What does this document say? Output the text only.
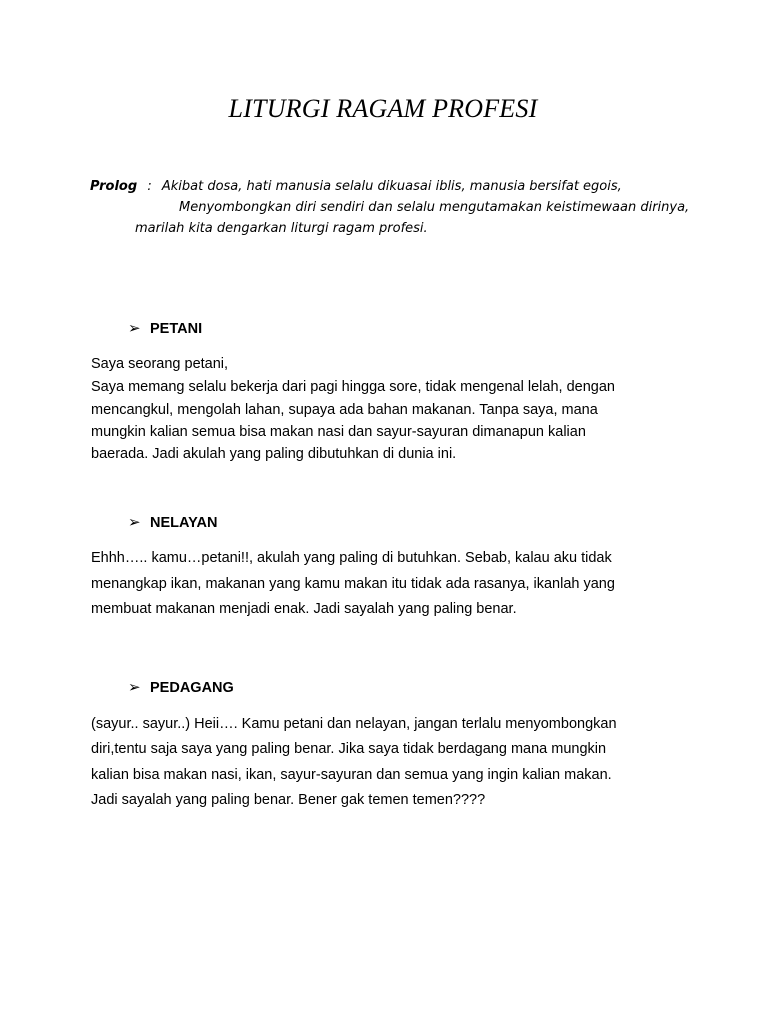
LITURGI RAGAM PROFESI
Prolog : Akibat dosa, hati manusia selalu dikuasai iblis, manusia bersifat egois,
Menyombongkan diri sendiri dan selalu mengutamakan keistimewaan dirinya,
marilah kita dengarkan liturgi ragam profesi.
➢ PETANI
Saya seorang petani,
Saya memang selalu bekerja dari pagi hingga sore, tidak mengenal lelah, dengan
mencangkul, mengolah lahan, supaya ada bahan makanan. Tanpa saya, mana
mungkin kalian semua bisa makan nasi dan sayur-sayuran dimanapun kalian
baerada. Jadi akulah yang paling dibutuhkan di dunia ini.
➢ NELAYAN
Ehhh….. kamu…petani!!, akulah yang paling di butuhkan. Sebab, kalau aku tidak
menangkap ikan, makanan yang kamu makan itu tidak ada rasanya, ikanlah yang
membuat makanan menjadi enak. Jadi sayalah yang paling benar.
➢ PEDAGANG
(sayur.. sayur..) Heii…. Kamu petani dan nelayan, jangan terlalu menyombongkan
diri,tentu saja saya yang paling benar. Jika saya tidak berdagang mana mungkin
kalian bisa makan nasi, ikan, sayur-sayuran dan semua yang ingin kalian makan.
Jadi sayalah yang paling benar. Bener gak temen temen????
